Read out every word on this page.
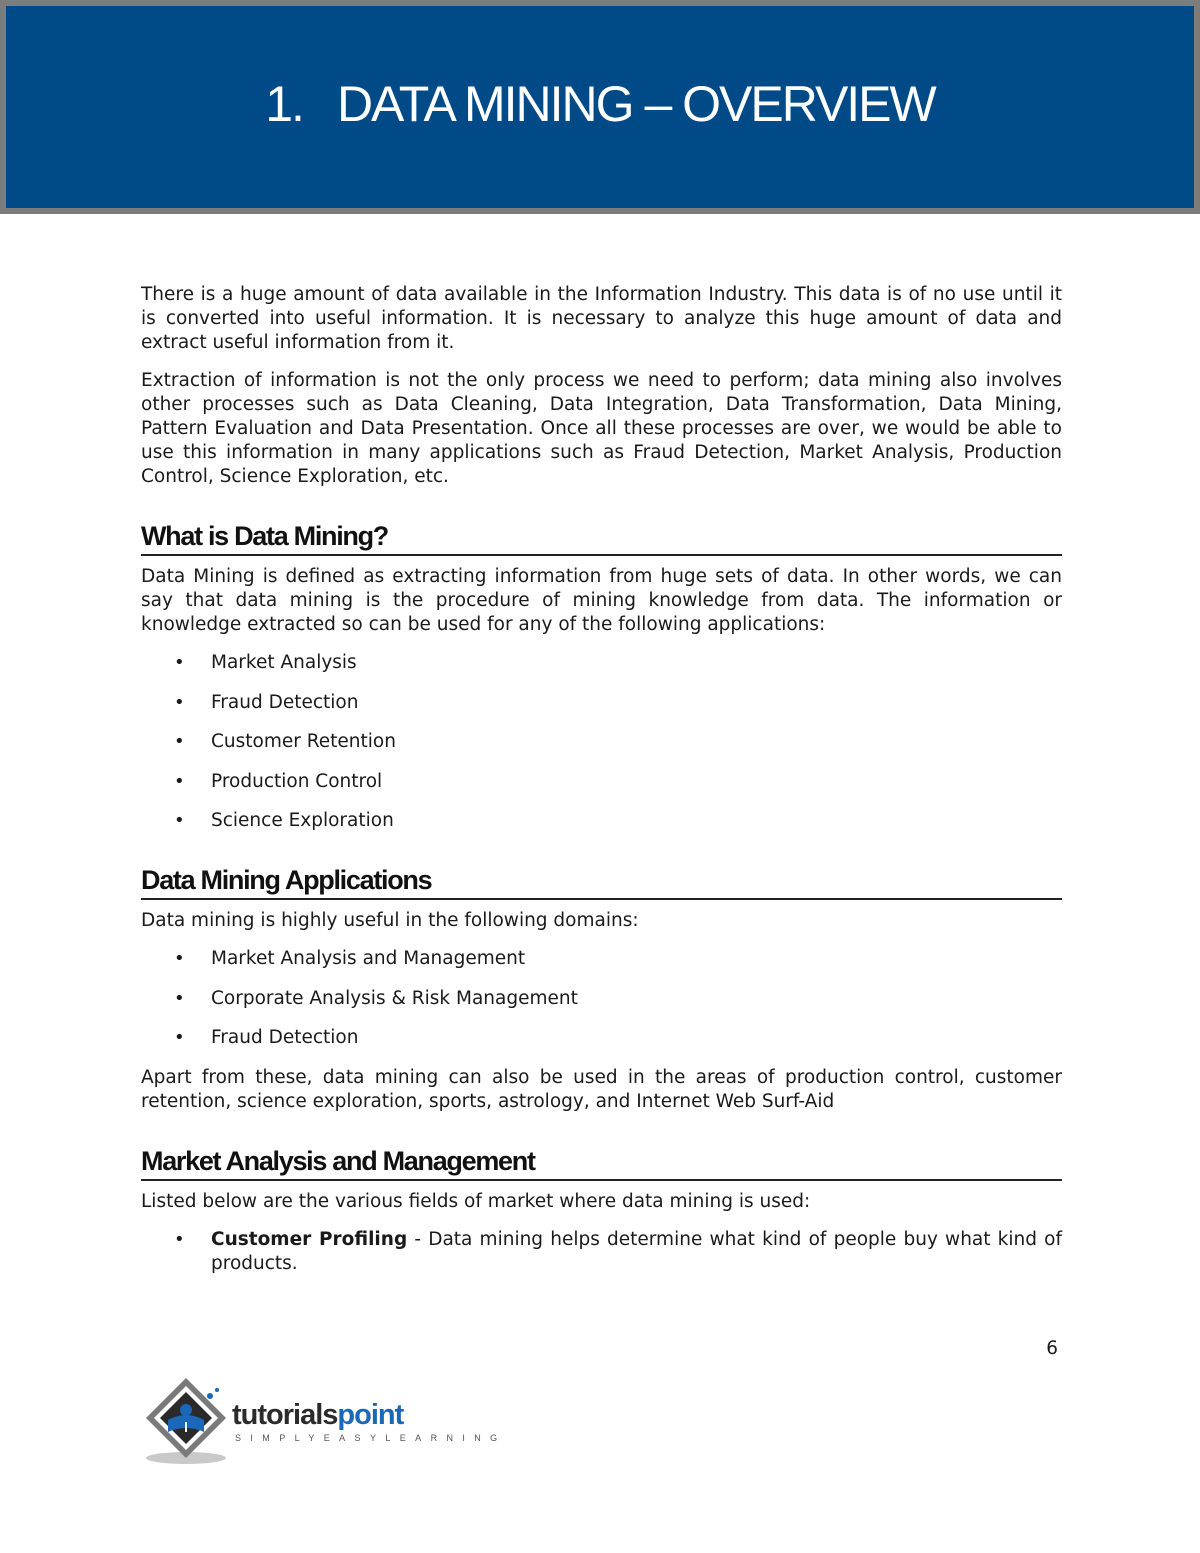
1. DATA MINING – OVERVIEW

There is a huge amount of data available in the Information Industry. This data is of no use until it is converted into useful information. It is necessary to analyze this huge amount of data and extract useful information from it.

Extraction of information is not the only process we need to perform; data mining also involves other processes such as Data Cleaning, Data Integration, Data Transformation, Data Mining, Pattern Evaluation and Data Presentation. Once all these processes are over, we would be able to use this information in many applications such as Fraud Detection, Market Analysis, Production Control, Science Exploration, etc.

What is Data Mining?

Data Mining is defined as extracting information from huge sets of data. In other words, we can say that data mining is the procedure of mining knowledge from data. The information or knowledge extracted so can be used for any of the following applications:

• Market Analysis
• Fraud Detection
• Customer Retention
• Production Control
• Science Exploration
Data Mining Applications

Data mining is highly useful in the following domains:

• Market Analysis and Management
• Corporate Analysis & Risk Management
• Fraud Detection

Apart from these, data mining can also be used in the areas of production control, customer retention, science exploration, sports, astrology, and Internet Web Surf-Aid

Market Analysis and Management

Listed below are the various fields of market where data mining is used:

• Customer Profiling - Data mining helps determine what kind of people buy what kind of products.
6
tutorialspoint
SIMPLYEASYLEARNING
